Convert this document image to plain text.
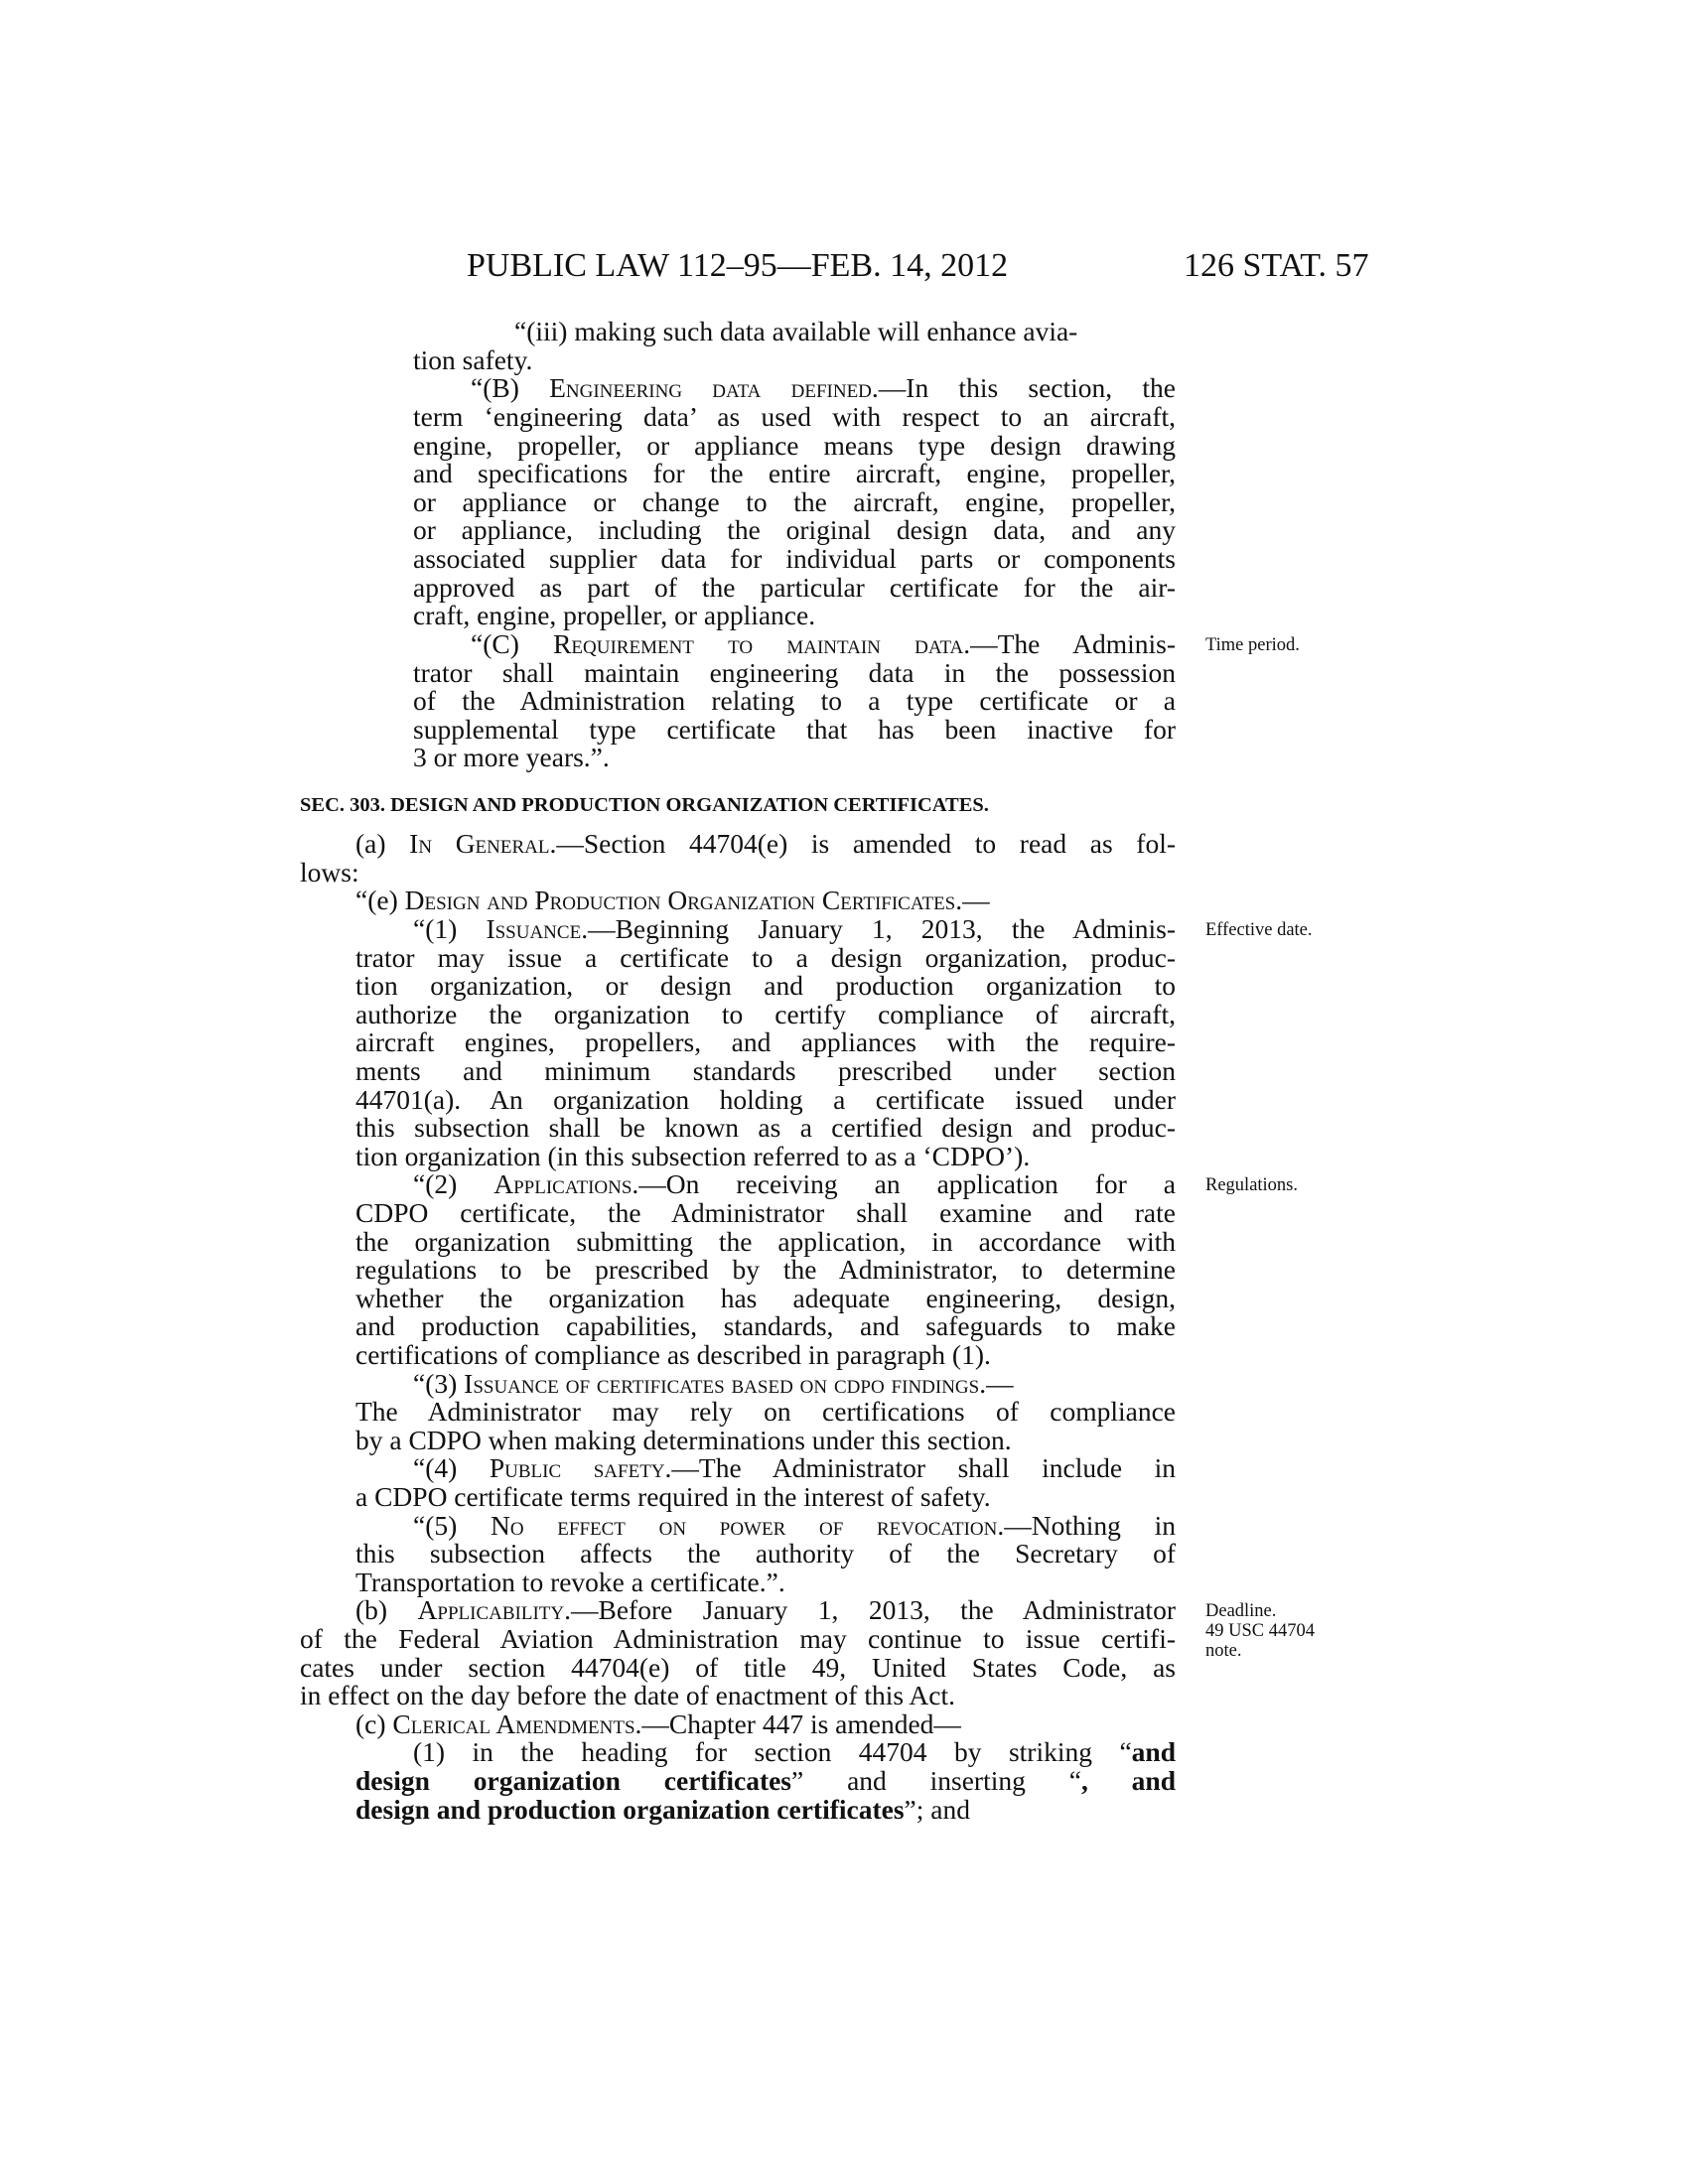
PUBLIC LAW 112–95—FEB. 14, 2012	126 STAT. 57
“(iii) making such data available will enhance avia-
tion safety.
“(B) Engineering data defined.—In this section, the
term ‘engineering data’ as used with respect to an aircraft,
engine, propeller, or appliance means type design drawing
and specifications for the entire aircraft, engine, propeller,
or appliance or change to the aircraft, engine, propeller,
or appliance, including the original design data, and any
associated supplier data for individual parts or components
approved as part of the particular certificate for the air-
craft, engine, propeller, or appliance.
“(C) Requirement to maintain data.—The Adminis-
trator shall maintain engineering data in the possession
of the Administration relating to a type certificate or a
supplemental type certificate that has been inactive for
3 or more years.”.
SEC. 303. DESIGN AND PRODUCTION ORGANIZATION CERTIFICATES.
(a) In General.—Section 44704(e) is amended to read as fol-
lows:
“(e) Design and Production Organization Certificates.—
“(1) Issuance.—Beginning January 1, 2013, the Adminis-
trator may issue a certificate to a design organization, produc-
tion organization, or design and production organization to
authorize the organization to certify compliance of aircraft,
aircraft engines, propellers, and appliances with the require-
ments and minimum standards prescribed under section
44701(a). An organization holding a certificate issued under
this subsection shall be known as a certified design and produc-
tion organization (in this subsection referred to as a ‘CDPO’).
“(2) Applications.—On receiving an application for a
CDPO certificate, the Administrator shall examine and rate
the organization submitting the application, in accordance with
regulations to be prescribed by the Administrator, to determine
whether the organization has adequate engineering, design,
and production capabilities, standards, and safeguards to make
certifications of compliance as described in paragraph (1).
“(3) Issuance of certificates based on cdpo findings.—
The Administrator may rely on certifications of compliance
by a CDPO when making determinations under this section.
“(4) Public safety.—The Administrator shall include in
a CDPO certificate terms required in the interest of safety.
“(5) No effect on power of revocation.—Nothing in
this subsection affects the authority of the Secretary of
Transportation to revoke a certificate.”.
(b) Applicability.—Before January 1, 2013, the Administrator
of the Federal Aviation Administration may continue to issue certifi-
cates under section 44704(e) of title 49, United States Code, as
in effect on the day before the date of enactment of this Act.
(c) Clerical Amendments.—Chapter 447 is amended—
(1) in the heading for section 44704 by striking “and
design organization certificates” and inserting “, and
design and production organization certificates”; and
Time period.
Effective date.
Regulations.
Deadline.
49 USC 44704
note.
